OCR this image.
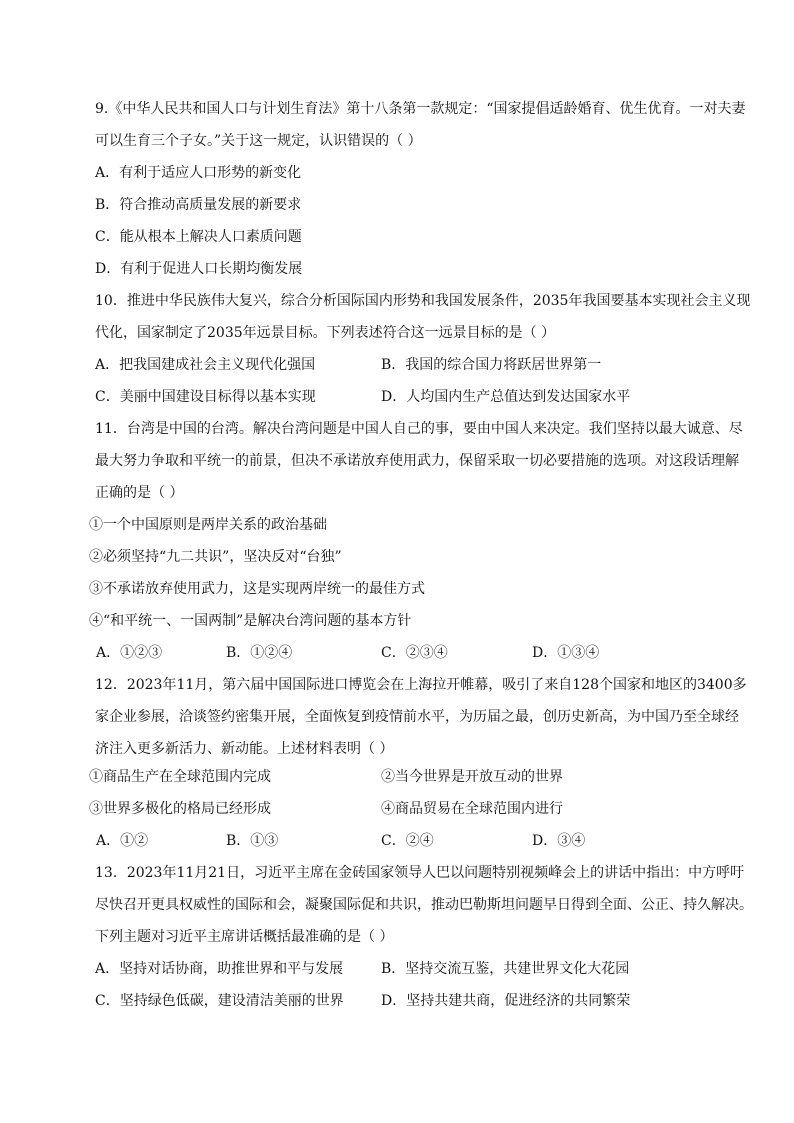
9.《中华人民共和国人口与计划生育法》第十八条第一款规定：“国家提倡适龄婚育、优生优育。一对夫妻
可以生育三个子女。”关于这一规定，认识错误的（ ）
A．有利于适应人口形势的新变化
B．符合推动高质量发展的新要求
C．能从根本上解决人口素质问题
D．有利于促进人口长期均衡发展
10．推进中华民族伟大复兴，综合分析国际国内形势和我国发展条件，2035年我国要基本实现社会主义现
代化，国家制定了2035年远景目标。下列表述符合这一远景目标的是（ ）
A．把我国建成社会主义现代化强国	B．我国的综合国力将跃居世界第一
C．美丽中国建设目标得以基本实现	D．人均国内生产总值达到发达国家水平
11．台湾是中国的台湾。解决台湾问题是中国人自己的事，要由中国人来决定。我们坚持以最大诚意、尽
最大努力争取和平统一的前景，但决不承诺放弃使用武力，保留采取一切必要措施的选项。对这段话理解
正确的是（ ）
①一个中国原则是两岸关系的政治基础
②必须坚持“九二共识”，坚决反对“台独”
③不承诺放弃使用武力，这是实现两岸统一的最佳方式
④“和平统一、一国两制”是解决台湾问题的基本方针
A．①②③	B．①②④	C．②③④	D．①③④
12．2023年11月，第六届中国国际进口博览会在上海拉开帷幕，吸引了来自128个国家和地区的3400多
家企业参展，洽谈签约密集开展，全面恢复到疫情前水平，为历届之最，创历史新高，为中国乃至全球经
济注入更多新活力、新动能。上述材料表明（ ）
①商品生产在全球范围内完成	②当今世界是开放互动的世界
③世界多极化的格局已经形成	④商品贸易在全球范围内进行
A．①②	B．①③	C．②④	D．③④
13．2023年11月21日，习近平主席在金砖国家领导人巴以问题特别视频峰会上的讲话中指出：中方呼吁
尽快召开更具权威性的国际和会，凝聚国际促和共识，推动巴勒斯坦问题早日得到全面、公正、持久解决。
下列主题对习近平主席讲话概括最准确的是（ ）
A．坚持对话协商，助推世界和平与发展	B．坚持交流互鉴，共建世界文化大花园
C．坚持绿色低碳，建设清洁美丽的世界	D．坚持共建共商，促进经济的共同繁荣
